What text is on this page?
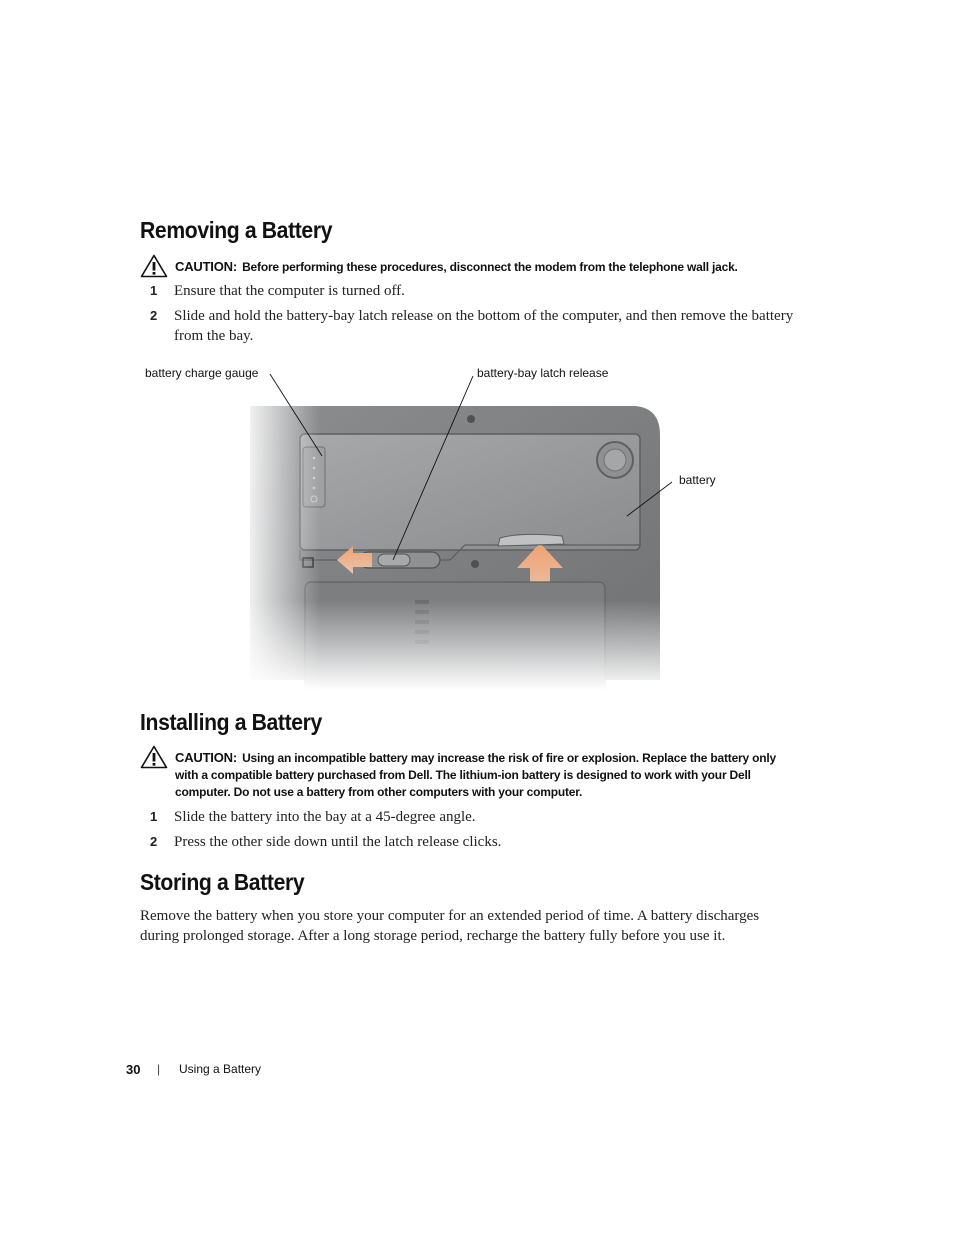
Removing a Battery
CAUTION: Before performing these procedures, disconnect the modem from the telephone wall jack.
1 Ensure that the computer is turned off.
2 Slide and hold the battery-bay latch release on the bottom of the computer, and then remove the battery from the bay.
battery charge gauge	battery-bay latch release
battery
Installing a Battery
CAUTION: Using an incompatible battery may increase the risk of fire or explosion. Replace the battery only with a compatible battery purchased from Dell. The lithium-ion battery is designed to work with your Dell computer. Do not use a battery from other computers with your computer.
1 Slide the battery into the bay at a 45-degree angle.
2 Press the other side down until the latch release clicks.
Storing a Battery

Remove the battery when you store your computer for an extended period of time. A battery discharges during prolonged storage. After a long storage period, recharge the battery fully before you use it.

30 | Using a Battery
